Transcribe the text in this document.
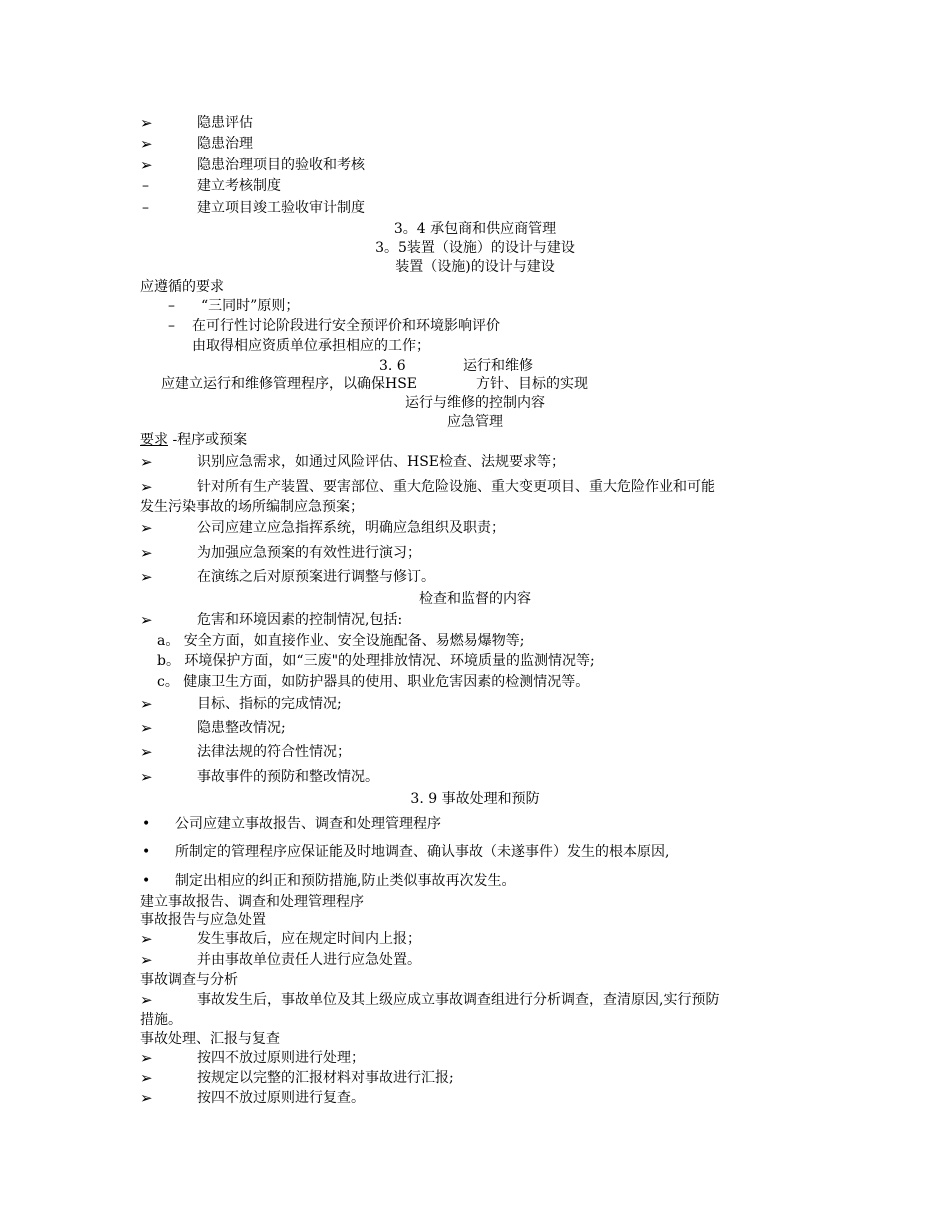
➢	隐患评估
➢	隐患治理
➢	隐患治理项目的验收和考核
–	建立考核制度
–	建立项目竣工验收审计制度
3。4 承包商和供应商管理
3。5装置（设施）的设计与建设
装置（设施)的设计与建设
应遵循的要求
– “三同时”原则；
– 在可行性讨论阶段进行安全预评价和环境影响评价
由取得相应资质单位承担相应的工作；
3. 6	运行和维修
应建立运行和维修管理程序，以确保HSE	方针、目标的实现
运行与维修的控制内容
应急管理
要求 -程序或预案
➢	识别应急需求，如通过风险评估、HSE检查、法规要求等；
➢	针对所有生产装置、要害部位、重大危险设施、重大变更项目、重大危险作业和可能
发生污染事故的场所编制应急预案；
➢	公司应建立应急指挥系统，明确应急组织及职责；
➢	为加强应急预案的有效性进行演习；
➢	在演练之后对原预案进行调整与修订。
检查和监督的内容
➢	危害和环境因素的控制情况,包括:
a。 安全方面，如直接作业、安全设施配备、易燃易爆物等;
b。 环境保护方面，如“三废"的处理排放情况、环境质量的监测情况等;
c。 健康卫生方面，如防护器具的使用、职业危害因素的检测情况等。
➢	目标、指标的完成情况;
➢	隐患整改情况;
➢	法律法规的符合性情况；
➢	事故事件的预防和整改情况。
3. 9 事故处理和预防
• 公司应建立事故报告、调查和处理管理程序
• 所制定的管理程序应保证能及时地调查、确认事故（未遂事件）发生的根本原因,
• 制定出相应的纠正和预防措施,防止类似事故再次发生。
建立事故报告、调查和处理管理程序
事故报告与应急处置
➢	发生事故后，应在规定时间内上报；
➢	并由事故单位责任人进行应急处置。
事故调查与分析
➢	事故发生后，事故单位及其上级应成立事故调查组进行分析调查，查清原因,实行预防
措施。
事故处理、汇报与复查
➢	按四不放过原则进行处理；
➢	按规定以完整的汇报材料对事故进行汇报;
➢	按四不放过原则进行复查。
